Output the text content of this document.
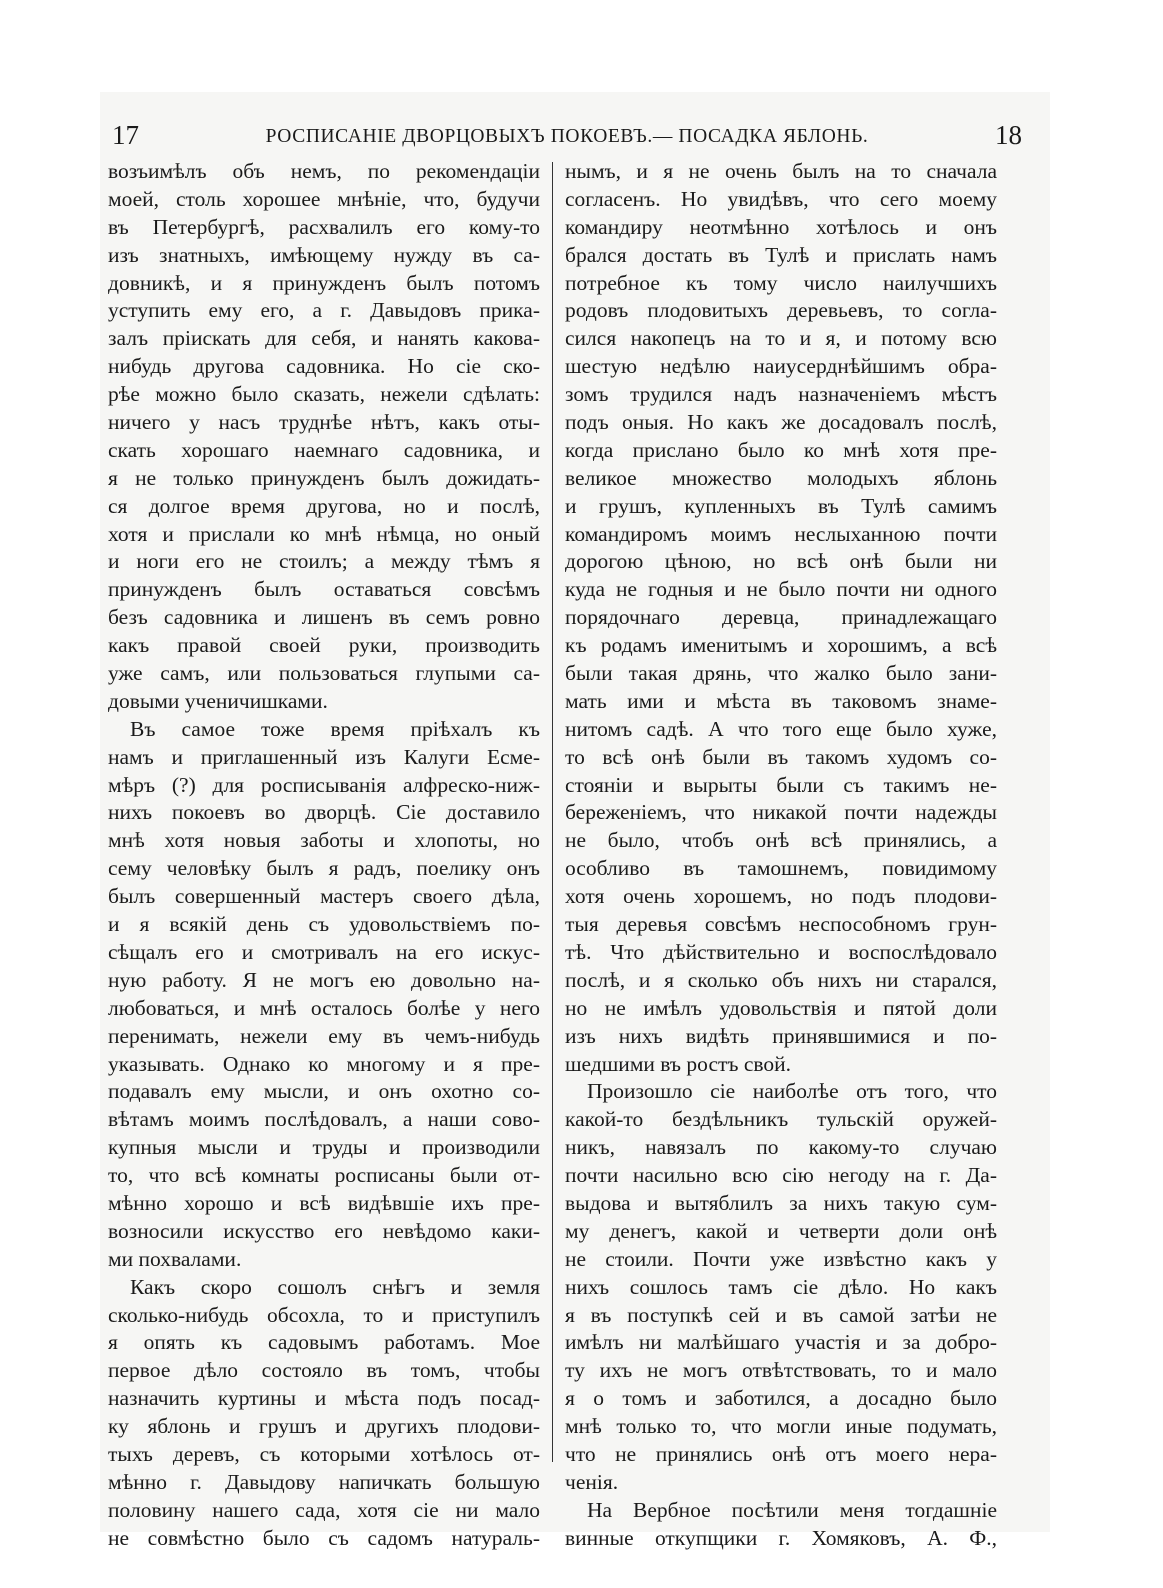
17	РОСПИСАНІЕ ДВОРЦОВЫХЪ ПОКОЕВЪ.— ПОСАДКА ЯБЛОНЬ.	18
возъимѣлъ объ немъ, по рекомендаціи
моей, столь хорошее мнѣніе, что, будучи
въ Петербургѣ, расхвалилъ его кому-то
изъ знатныхъ, имѣющему нужду въ са-
довникѣ, и я принужденъ былъ потомъ
уступить ему его, а г. Давыдовъ прика-
залъ пріискать для себя, и нанять какова-
нибудь другова садовника. Но сіе ско-
рѣе можно было сказать, нежели сдѣлать:
ничего у насъ труднѣе нѣтъ, какъ оты-
скать хорошаго наемнаго садовника, и
я не только принужденъ былъ дожидать-
ся долгое время другова, но и послѣ,
хотя и прислали ко мнѣ нѣмца, но оный
и ноги его не стоилъ; а между тѣмъ я
принужденъ былъ оставаться совсѣмъ
безъ садовника и лишенъ въ семъ ровно
какъ правой своей руки, производить
уже самъ, или пользоваться глупыми са-
довыми ученичишками.
Въ самое тоже время пріѣхалъ къ
намъ и приглашенный изъ Калуги Есме-
мѣръ (?) для росписыванія алфреско-ниж-
нихъ покоевъ во дворцѣ. Сіе доставило
мнѣ хотя новыя заботы и хлопоты, но
сему человѣку былъ я радъ, поелику онъ
былъ совершенный мастеръ своего дѣла,
и я всякій день съ удовольствіемъ по-
сѣщалъ его и смотривалъ на его искус-
ную работу. Я не могъ ею довольно на-
любоваться, и мнѣ осталось болѣе у него
перенимать, нежели ему въ чемъ-нибудь
указывать. Однако ко многому и я пре-
подавалъ ему мысли, и онъ охотно со-
вѣтамъ моимъ послѣдовалъ, а наши сово-
купныя мысли и труды и производили
то, что всѣ комнаты росписаны были от-
мѣнно хорошо и всѣ видѣвшіе ихъ пре-
возносили искусство его невѣдомо каки-
ми похвалами.
Какъ скоро сошолъ снѣгъ и земля
сколько-нибудь обсохла, то и приступилъ
я опять къ садовымъ работамъ. Мое
первое дѣло состояло въ томъ, чтобы
назначить куртины и мѣста подъ посад-
ку яблонь и грушъ и другихъ плодови-
тыхъ деревъ, съ которыми хотѣлось от-
мѣнно г. Давыдову напичкать большую
половину нашего сада, хотя сіе ни мало
не совмѣстно было съ садомъ натураль-
нымъ, и я не очень былъ на то сначала
согласенъ. Но увидѣвъ, что сего моему
командиру неотмѣнно хотѣлось и онъ
брался достать въ Тулѣ и прислать намъ
потребное къ тому число наилучшихъ
родовъ плодовитыхъ деревьевъ, то согла-
сился накопецъ на то и я, и потому всю
шестую недѣлю наиусерднѣйшимъ обра-
зомъ трудился надъ назначеніемъ мѣстъ
подъ оныя. Но какъ же досадовалъ послѣ,
когда прислано было ко мнѣ хотя пре-
великое множество молодыхъ яблонь
и грушъ, купленныхъ въ Тулѣ самимъ
командиромъ моимъ неслыханною почти
дорогою цѣною, но всѣ онѣ были ни
куда не годныя и не было почти ни одного
порядочнаго деревца, принадлежащаго
къ родамъ именитымъ и хорошимъ, а всѣ
были такая дрянь, что жалко было зани-
мать ими и мѣста въ таковомъ знаме-
нитомъ садѣ. А что того еще было хуже,
то всѣ онѣ были въ такомъ худомъ со-
стояніи и вырыты были съ такимъ не-
береженіемъ, что никакой почти надежды
не было, чтобъ онѣ всѣ принялись, а
особливо въ тамошнемъ, повидимому
хотя очень хорошемъ, но подъ плодови-
тыя деревья совсѣмъ неспособномъ грун-
тѣ. Что дѣйствительно и воспослѣдовало
послѣ, и я сколько объ нихъ ни старался,
но не имѣлъ удовольствія и пятой доли
изъ нихъ видѣть принявшимися и по-
шедшими въ ростъ свой.
Произошло сіе наиболѣе отъ того, что
какой-то бездѣльникъ тульскій оружей-
никъ, навязалъ по какому-то случаю
почти насильно всю сію негоду на г. Да-
выдова и вытяблилъ за нихъ такую сум-
му денегъ, какой и четверти доли онѣ
не стоили. Почти уже извѣстно какъ у
нихъ сошлось тамъ сіе дѣло. Но какъ
я въ поступкѣ сей и въ самой затѣи не
имѣлъ ни малѣйшаго участія и за добро-
ту ихъ не могъ отвѣтствовать, то и мало
я о томъ и заботился, а досадно было
мнѣ только то, что могли иные подумать,
что не принялись онѣ отъ моего нера-
ченія.
На Вербное посѣтили меня тогдашніе
винные откупщики г. Хомяковъ, А. Ф.,
